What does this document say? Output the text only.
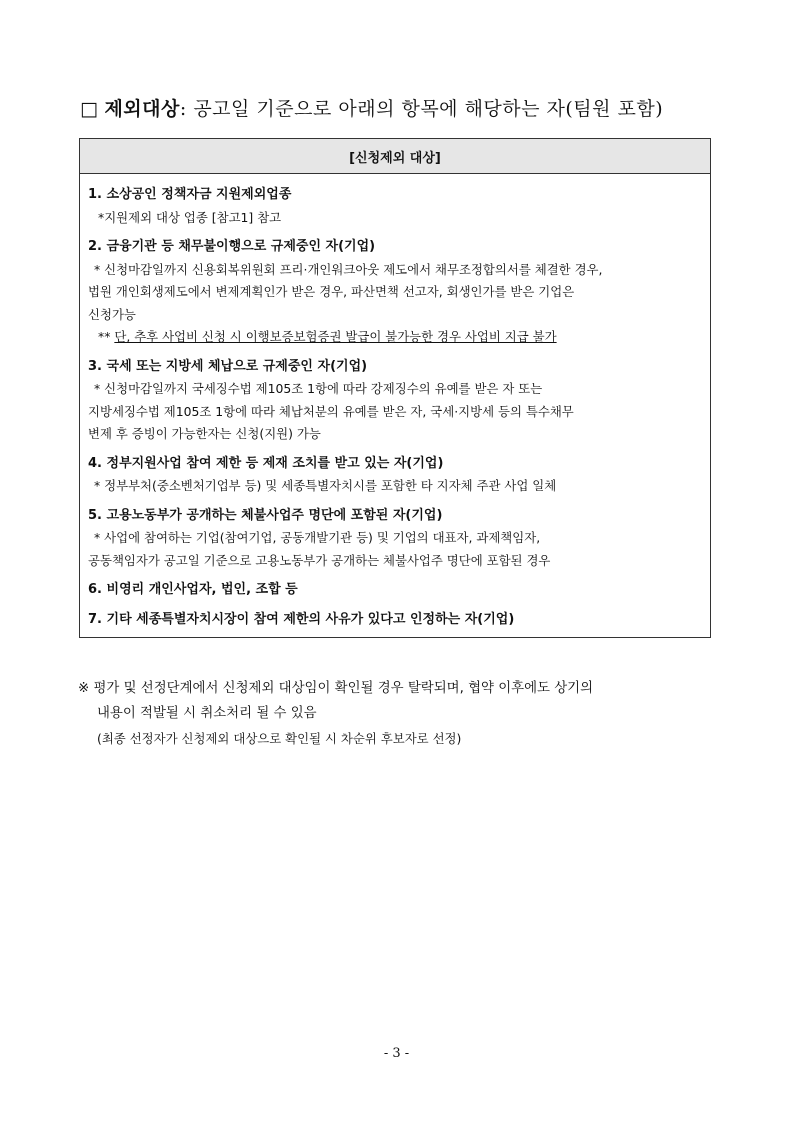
□ 제외대상: 공고일 기준으로 아래의 항목에 해당하는 자(팀원 포함)
[신청제외 대상]
1. 소상공인 정책자금 지원제외업종
*지원제외 대상 업종 [참고1] 참고
2. 금융기관 등 채무불이행으로 규제중인 자(기업)
* 신청마감일까지 신용회복위원회 프리·개인워크아웃 제도에서 채무조정합의서를 체결한 경우,
법원 개인회생제도에서 변제계획인가 받은 경우, 파산면책 선고자, 회생인가를 받은 기업은
신청가능
** 단, 추후 사업비 신청 시 이행보증보험증권 발급이 불가능한 경우 사업비 지급 불가
3. 국세 또는 지방세 체납으로 규제중인 자(기업)
* 신청마감일까지 국세징수법 제105조 1항에 따라 강제징수의 유예를 받은 자 또는
지방세징수법 제105조 1항에 따라 체납처분의 유예를 받은 자, 국세·지방세 등의 특수채무
변제 후 증빙이 가능한자는 신청(지원) 가능
4. 정부지원사업 참여 제한 등 제재 조치를 받고 있는 자(기업)
* 정부부처(중소벤처기업부 등) 및 세종특별자치시를 포함한 타 지자체 주관 사업 일체
5. 고용노동부가 공개하는 체불사업주 명단에 포함된 자(기업)
* 사업에 참여하는 기업(참여기업, 공동개발기관 등) 및 기업의 대표자, 과제책임자,
공동책임자가 공고일 기준으로 고용노동부가 공개하는 체불사업주 명단에 포함된 경우
6. 비영리 개인사업자, 법인, 조합 등
7. 기타 세종특별자치시장이 참여 제한의 사유가 있다고 인정하는 자(기업)
※ 평가 및 선정단계에서 신청제외 대상임이 확인될 경우 탈락되며, 협약 이후에도 상기의
내용이 적발될 시 취소처리 될 수 있음
(최종 선정자가 신청제외 대상으로 확인될 시 차순위 후보자로 선정)
- 3 -
